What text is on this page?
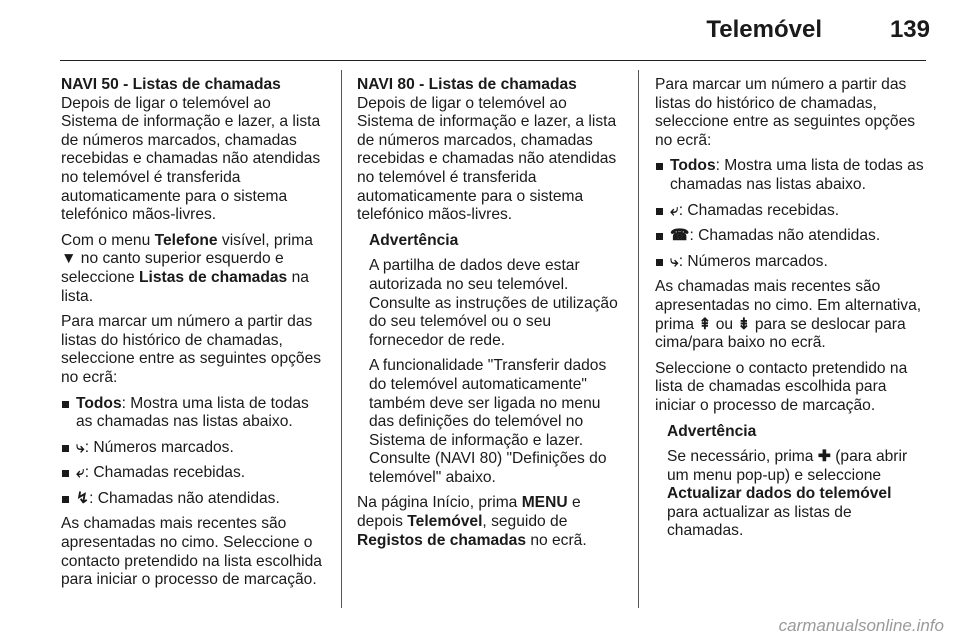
Telemóvel	139

NAVI 50 - Listas de chamadas

Depois de ligar o telemóvel ao Sistema de informação e lazer, a lista de números marcados, chamadas recebidas e chamadas não atendidas no telemóvel é transferida automaticamente para o sistema telefónico mãos-livres.

Com o menu Telefone visível, prima ▼ no canto superior esquerdo e seleccione Listas de chamadas na lista.

Para marcar um número a partir das listas do histórico de chamadas, seleccione entre as seguintes opções no ecrã:

Todos: Mostra uma lista de todas as chamadas nas listas abaixo.
⤷: Números marcados.
⤶: Chamadas recebidas.
↯: Chamadas não atendidas.

As chamadas mais recentes são apresentadas no cimo. Seleccione o contacto pretendido na lista escolhida para iniciar o processo de marcação.

NAVI 80 - Listas de chamadas

Depois de ligar o telemóvel ao Sistema de informação e lazer, a lista de números marcados, chamadas recebidas e chamadas não atendidas no telemóvel é transferida automaticamente para o sistema telefónico mãos-livres.

Advertência

A partilha de dados deve estar autorizada no seu telemóvel. Consulte as instruções de utilização do seu telemóvel ou o seu fornecedor de rede.

A funcionalidade "Transferir dados do telemóvel automaticamente" também deve ser ligada no menu das definições do telemóvel no Sistema de informação e lazer. Consulte (NAVI 80) "Definições do telemóvel" abaixo.

Na página Início, prima MENU e depois Telemóvel, seguido de Registos de chamadas no ecrã.

Para marcar um número a partir das listas do histórico de chamadas, seleccione entre as seguintes opções no ecrã:

Todos: Mostra uma lista de todas as chamadas nas listas abaixo.
⤶: Chamadas recebidas.
☎: Chamadas não atendidas.
⤷: Números marcados.

As chamadas mais recentes são apresentadas no cimo. Em alternativa, prima ⇞ ou ⇟ para se deslocar para cima/para baixo no ecrã.

Seleccione o contacto pretendido na lista de chamadas escolhida para iniciar o processo de marcação.

Advertência

Se necessário, prima ✚ (para abrir um menu pop-up) e seleccione Actualizar dados do telemóvel para actualizar as listas de chamadas.

carmanualsonline.info
